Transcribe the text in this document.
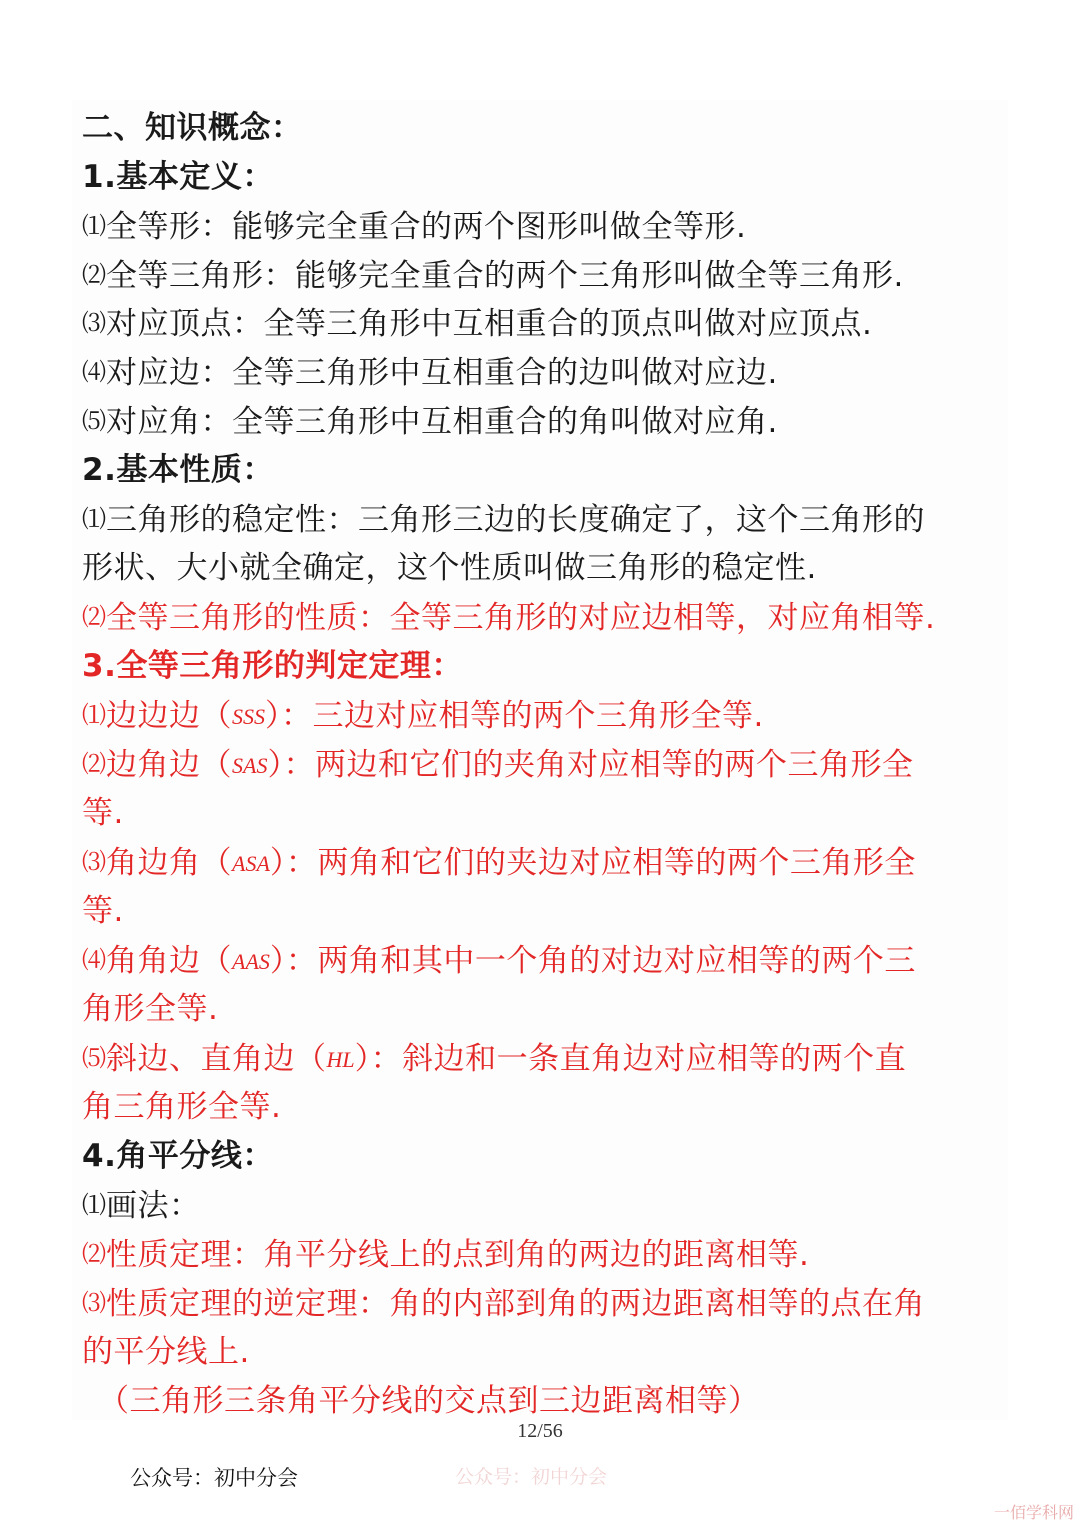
二、知识概念：
1.基本定义：
⑴全等形：能够完全重合的两个图形叫做全等形.
⑵全等三角形：能够完全重合的两个三角形叫做全等三角形.
⑶对应顶点：全等三角形中互相重合的顶点叫做对应顶点.
⑷对应边：全等三角形中互相重合的边叫做对应边.
⑸对应角：全等三角形中互相重合的角叫做对应角.
2.基本性质：
⑴三角形的稳定性：三角形三边的长度确定了，这个三角形的
形状、大小就全确定，这个性质叫做三角形的稳定性.
⑵全等三角形的性质：全等三角形的对应边相等，对应角相等.
3.全等三角形的判定定理：
⑴边边边（SSS）：三边对应相等的两个三角形全等.
⑵边角边（SAS）：两边和它们的夹角对应相等的两个三角形全
等.
⑶角边角（ASA）：两角和它们的夹边对应相等的两个三角形全
等.
⑷角角边（AAS）：两角和其中一个角的对边对应相等的两个三
角形全等.
⑸斜边、直角边（HL）：斜边和一条直角边对应相等的两个直
角三角形全等.
4.角平分线：
⑴画法：
⑵性质定理：角平分线上的点到角的两边的距离相等.
⑶性质定理的逆定理：角的内部到角的两边距离相等的点在角
的平分线上.
（三角形三条角平分线的交点到三边距离相等）
12/56
公众号：初中分会	公众号：初中分会
一佰学科网
